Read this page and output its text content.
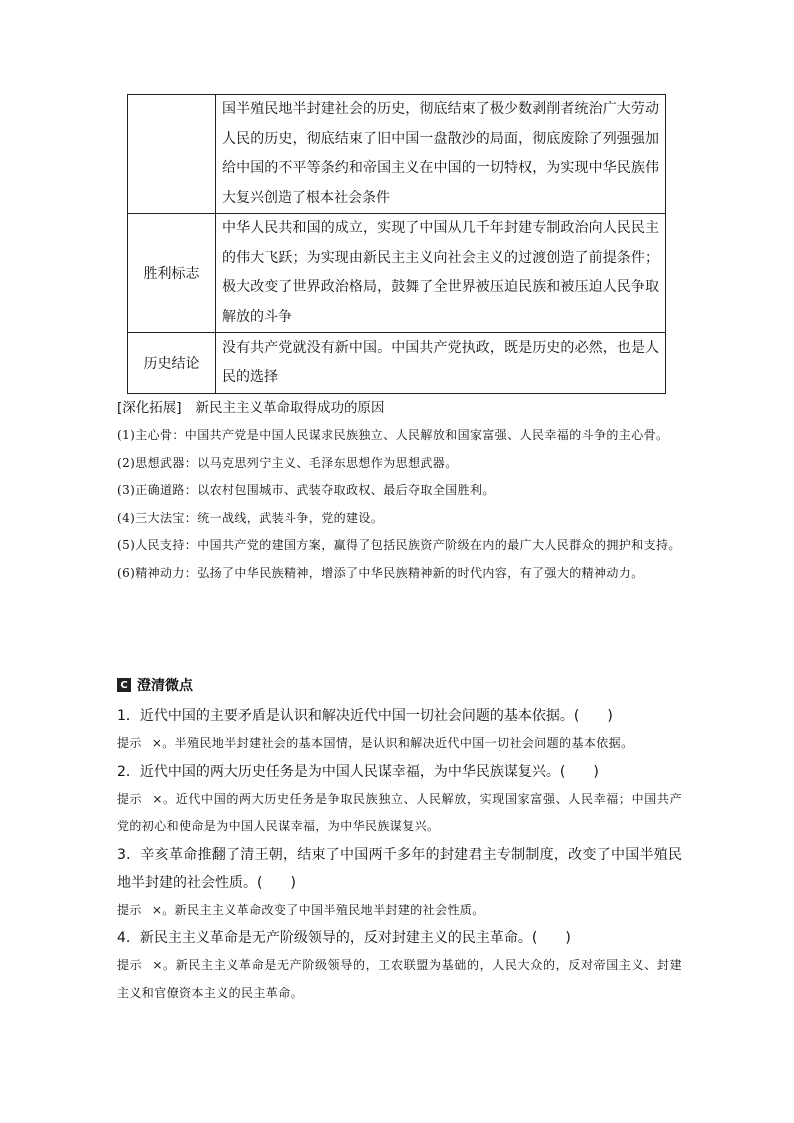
	国半殖民地半封建社会的历史，彻底结束了极少数剥削者统治广大劳动人民的历史，彻底结束了旧中国一盘散沙的局面，彻底废除了列强强加给中国的不平等条约和帝国主义在中国的一切特权，为实现中华民族伟大复兴创造了根本社会条件
胜利标志	中华人民共和国的成立，实现了中国从几千年封建专制政治向人民民主的伟大飞跃；为实现由新民主主义向社会主义的过渡创造了前提条件；极大改变了世界政治格局，鼓舞了全世界被压迫民族和被压迫人民争取解放的斗争
历史结论	没有共产党就没有新中国。中国共产党执政，既是历史的必然，也是人民的选择
[深化拓展] 新民主主义革命取得成功的原因
(1)主心骨：中国共产党是中国人民谋求民族独立、人民解放和国家富强、人民幸福的斗争的主心骨。
(2)思想武器：以马克思列宁主义、毛泽东思想作为思想武器。
(3)正确道路：以农村包围城市、武装夺取政权、最后夺取全国胜利。
(4)三大法宝：统一战线，武装斗争，党的建设。
(5)人民支持：中国共产党的建国方案，赢得了包括民族资产阶级在内的最广大人民群众的拥护和支持。
(6)精神动力：弘扬了中华民族精神，增添了中华民族精神新的时代内容，有了强大的精神动力。
C 澄清微点
1．近代中国的主要矛盾是认识和解决近代中国一切社会问题的基本依据。(　　)
提示 ×。半殖民地半封建社会的基本国情，是认识和解决近代中国一切社会问题的基本依据。
2．近代中国的两大历史任务是为中国人民谋幸福，为中华民族谋复兴。(　　)
提示 ×。近代中国的两大历史任务是争取民族独立、人民解放，实现国家富强、人民幸福；中国共产党的初心和使命是为中国人民谋幸福，为中华民族谋复兴。
3．辛亥革命推翻了清王朝，结束了中国两千多年的封建君主专制制度，改变了中国半殖民地半封建的社会性质。(　　)
提示 ×。新民主主义革命改变了中国半殖民地半封建的社会性质。
4．新民主主义革命是无产阶级领导的，反对封建主义的民主革命。(　　)
提示 ×。新民主主义革命是无产阶级领导的，工农联盟为基础的，人民大众的，反对帝国主义、封建主义和官僚资本主义的民主革命。
